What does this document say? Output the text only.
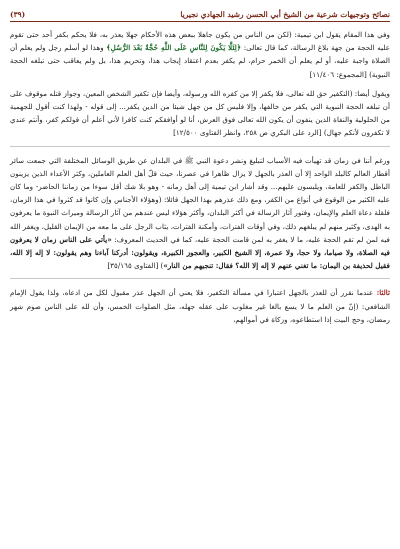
نصائح وتوجيهات شرعية من الشيخ أبي الحسن رشيد الجهادي نجيريا
(٣٩)
وفي هذا المقام يقول ابن تيمية: (لكن من الناس من يكون جاهلا ببعض هذه الأحكام جهلا يعذر به، فلا يحكم بكفر أحد حتى تقوم عليه الحجة من جهة بلاغ الرسالة، كما قال تعالى: ﴿لِئَلَّا يَكُونَ لِلنَّاسِ عَلَى اللَّهِ حُجَّةٌ بَعْدَ الرُّسُلِ﴾ وهذا لو أسلم رجل ولم يعلم أن الصلاة واجبة عليه، أو لم يعلم أن الخمر حرام، لم يكفر بعدم اعتقاد إيجاب هذا، وتحريم هذا، بل ولم يعاقب حتى تبلغه الحجة النبوية) [المجموع: ١١/٤٠٦]
ويقول أيضا: (التكفير حق لله تعالى، فلا يكفر إلا من كفره الله ورسوله، وأيضا فإن تكفير الشخص المعين، وجواز قتله موقوف على أن تبلغه الحجة النبوية التي يكفر من خالفها، وإلا فليس كل من جهل شيئا من الدين يكفر... إلى قوله - ولهذا كنت أقول للجهمية من الحلولية والنفاة الذين ينفون أن يكون الله تعالى فوق العرش، أنا لو أوافقكم كنت كافرا لأني أعلم أن قولكم كفر، وأنتم عندي لا تكفرون لأنكم جهال) [الرد على البكري ص ٢٥٨، وانظر الفتاوى ١٢/٥٠٠]
ورغم أننا في زمان قد تهيأت فيه الأسباب لتبليغ ونشر دعوة النبي ﷺ في البلدان عن طريق الوسائل المختلفة التي جمعت سائر أقطار العالم كالبلد الواحد إلا أن العذر بالجهل لا يزال ظاهرا في عصرنا، حيث قلّ أهل العلم العاملين، وكثر الأعداء الذين يزينون الباطل والكفر للعامة، ويلبسون عليهم... وقد أشار ابن تيمية إلى أهل زمانه - وهو بلا شك أقل سوءا من زماننا الحاضر- وما كان عليه الكثير من الوقوع في أنواع من الكفر، ومع ذلك عذرهم بهذا الجهل قائلا: (وهؤلاء الأجناس وإن كانوا قد كثروا في هذا الزمان، فلقلة دعاة العلم والإيمان، وفتور آثار الرسالة في أكثر البلدان، وأكثر هؤلاء ليس عندهم من آثار الرسالة وميراث النبوة ما يعرفون به الهدى، وكثير منهم لم يبلغهم ذلك، وفي أوقات الفترات، وأمكنة الفترات، يثاب الرجل على ما معه من الإيمان القليل، ويغفر الله فيه لمن لم تقم الحجة عليه، ما لا يغفر به لمن قامت الحجة عليه، كما في الحديث المعروف: «يأتي على الناس زمان لا يعرفون فيه الصلاة، ولا صياما، ولا حجا، ولا عمرة، إلا الشيخ الكبير، والعجوز الكبيرة، ويقولون: أدركنا آباءنا وهم يقولون: لا إله إلا الله، فقيل لحذيفة بن اليمان: ما تغني عنهم لا إله إلا الله؟ فقال: تنجيهم من النار») [الفتاوى ٣٥/١٦٥]
ثالثا: عندما نقرر أن للعذر بالجهل اعتبارا في مسألة التكفير، فلا يعني أن الجهل عذر مقبول لكل من ادعاه، ولذا يقول الإمام الشافعي: (إنّ من العلم ما لا يسع بالغا غير مغلوب على عقله جهله، مثل الصلوات الخمس، وأن لله على الناس صوم شهر رمضان، وحج البيت إذا استطاعوه، وزكاة في أموالهم،
